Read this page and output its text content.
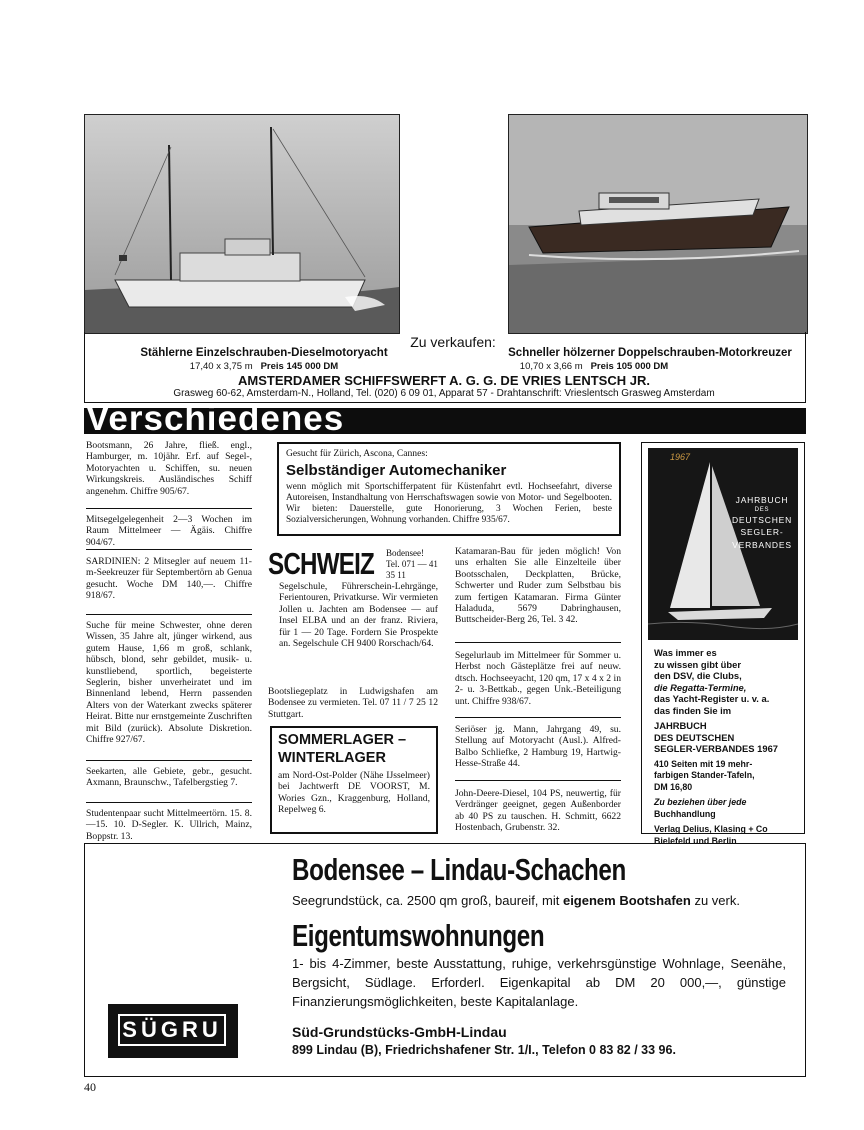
Zu verkaufen:
Stählerne Einzelschrauben-Dieselmotoryacht
17,40 x 3,75 m Preis 145 000 DM
Schneller hölzerner Doppelschrauben-Motorkreuzer
10,70 x 3,66 m Preis 105 000 DM
AMSTERDAMER SCHIFFSWERFT A. G. G. DE VRIES LENTSCH JR.
Grasweg 60-62, Amsterdam-N., Holland, Tel. (020) 6 09 01, Apparat 57 - Drahtanschrift: Vrieslentsch Grasweg Amsterdam
Verschiedenes
Bootsmann, 26 Jahre, fließ. engl., Hamburger, m. 10jähr. Erf. auf Segel-, Motoryachten u. Schiffen, su. neuen Wirkungskreis. Ausländisches Schiff angenehm. Chiffre 905/67.
Mitsegelgelegenheit 2—3 Wochen im Raum Mittelmeer — Ägäis. Chiffre 904/67.
SARDINIEN: 2 Mitsegler auf neuem 11-m-Seekreuzer für Septembertörn ab Genua gesucht. Woche DM 140,—. Chiffre 918/67.
Suche für meine Schwester, ohne deren Wissen, 35 Jahre alt, jünger wirkend, aus gutem Hause, 1,66 m groß, schlank, hübsch, blond, sehr gebildet, musik- u. kunstliebend, sportlich, begeisterte Seglerin, bisher unverheiratet und im Binnenland lebend, Herrn passenden Alters von der Waterkant zwecks späterer Heirat. Bitte nur ernstgemeinte Zuschriften mit Bild (zurück). Absolute Diskretion. Chiffre 927/67.
Seekarten, alle Gebiete, gebr., gesucht. Axmann, Braunschw., Tafelbergstieg 7.
Studentenpaar sucht Mittelmeertörn. 15. 8.—15. 10. D-Segler. K. Ullrich, Mainz, Boppstr. 13.
Gesucht für Zürich, Ascona, Cannes:
Selbständiger Automechaniker
wenn möglich mit Sportschifferpatent für Küstenfahrt evtl. Hochseefahrt, diverse Autoreisen, Instandhaltung von Herrschaftswagen sowie von Motor- und Segelbooten. Wir bieten: Dauerstelle, gute Honorierung, 3 Wochen Ferien, beste Sozialversicherungen, Wohnung vorhanden. Chiffre 935/67.
SCHWEIZ Bodensee! Tel. 071 — 41 35 11
Segelschule, Führerschein-Lehrgänge, Ferientouren, Privatkurse. Wir vermieten Jollen u. Jachten am Bodensee — auf Insel ELBA und an der franz. Riviera, für 1 — 20 Tage. Fordern Sie Prospekte an. Segelschule CH 9400 Rorschach/64.
Bootsliegeplatz in Ludwigshafen am Bodensee zu vermieten. Tel. 07 11 / 7 25 12 Stuttgart.
SOMMERLAGER –
WINTERLAGER
am Nord-Ost-Polder (Nähe IJsselmeer) bei Jachtwerft DE VOORST, M. Wories Gzn., Kraggenburg, Holland, Repelweg 6.
Katamaran-Bau für jeden möglich! Von uns erhalten Sie alle Einzelteile über Bootsschalen, Deckplatten, Brücke, Schwerter und Ruder zum Selbstbau bis zum fertigen Katamaran. Firma Günter Haladuda, 5679 Dabringhausen, Buttscheider-Berg 26, Tel. 3 42.
Segelurlaub im Mittelmeer für Sommer u. Herbst noch Gästeplätze frei auf neuw. dtsch. Hochseeyacht, 120 qm, 17 x 4 x 2 in 2- u. 3-Bettkab., gegen Unk.-Beteiligung unt. Chiffre 938/67.
Seriöser jg. Mann, Jahrgang 49, su. Stellung auf Motoryacht (Ausl.). Alfred-Balbo Schliefke, 2 Hamburg 19, Hartwig-Hesse-Straße 44.
John-Deere-Diesel, 104 PS, neuwertig, für Verdränger geeignet, gegen Außenborder ab 40 PS zu tauschen. H. Schmitt, 6622 Hostenbach, Grubenstr. 32.
1967
JAHRBUCH
DES
DEUTSCHEN
SEGLER-
VERBANDES
Was immer es
zu wissen gibt über
den DSV, die Clubs,
die Regatta-Termine,
das Yacht-Register u. v. a.
das finden Sie im
JAHRBUCH
DES DEUTSCHEN
SEGLER-VERBANDES 1967
410 Seiten mit 19 mehr-
farbigen Stander-Tafeln,
DM 16,80
Zu beziehen über jede
Buchhandlung
Verlag Delius, Klasing + Co
Bielefeld und Berlin
Bodensee – Lindau-Schachen
Seegrundstück, ca. 2500 qm groß, baureif, mit eigenem Bootshafen zu verk.
Eigentumswohnungen
1- bis 4-Zimmer, beste Ausstattung, ruhige, verkehrsgünstige Wohnlage, Seenähe, Bergsicht, Südlage. Erforderl. Eigenkapital ab DM 20 000,—, günstige Finanzierungsmöglichkeiten, beste Kapitalanlage.
SÜGRU	Süd-Grundstücks-GmbH-Lindau
899 Lindau (B), Friedrichshafener Str. 1/I., Telefon 0 83 82 / 33 96.
40
